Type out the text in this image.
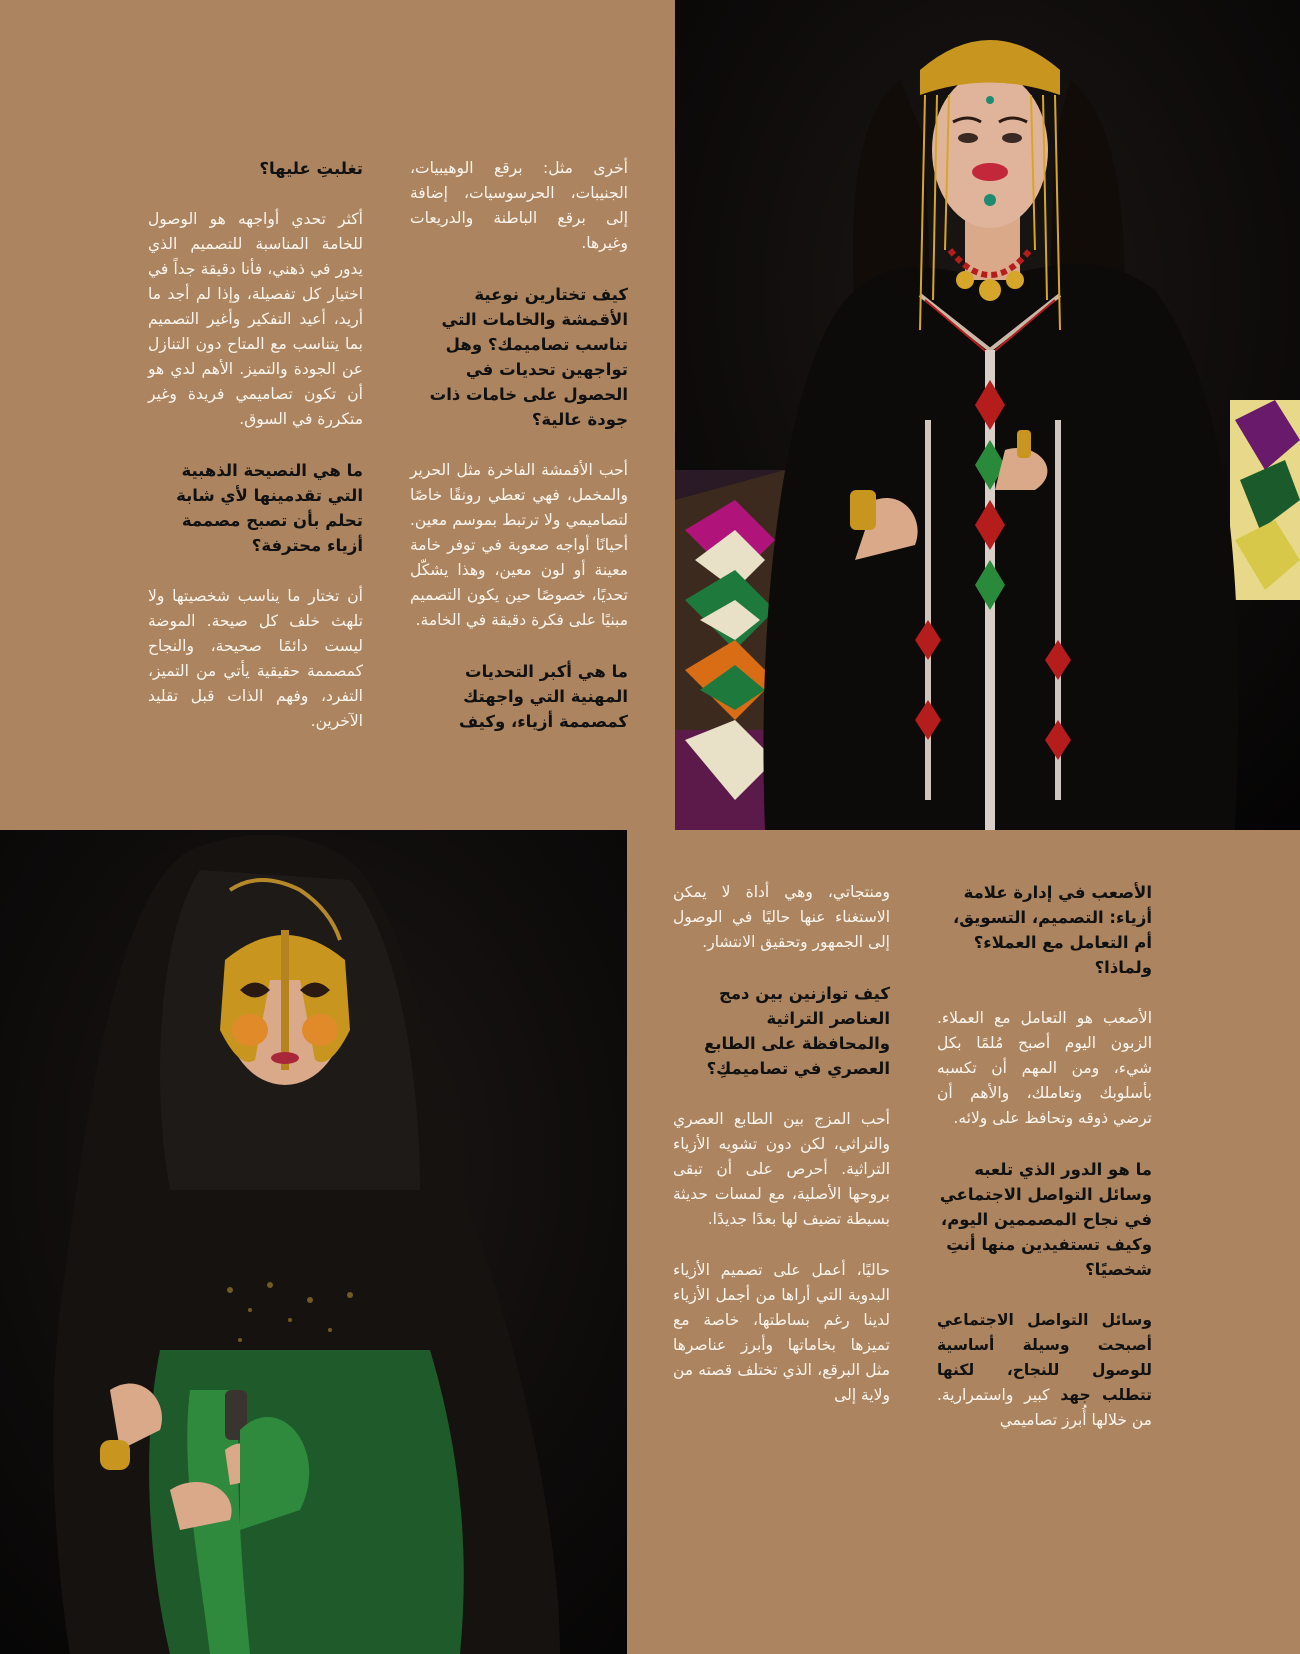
تغلبتِ عليها؟

أكثر تحدي أواجهه هو الوصول للخامة المناسبة للتصميم الذي يدور في ذهني، فأنا دقيقة جداً في اختيار كل تفصيلة، وإذا لم أجد ما أريد، أعيد التفكير وأغير التصميم بما يتناسب مع المتاح دون التنازل عن الجودة والتميز. الأهم لدي هو أن تكون تصاميمي فريدة وغير متكررة في السوق.

ما هي النصيحة الذهبية التي تقدمينها لأي شابة تحلم بأن تصبح مصممة أزياء محترفة؟

أن تختار ما يناسب شخصيتها ولا تلهث خلف كل صيحة. الموضة ليست دائمًا صحيحة، والنجاح كمصممة حقيقية يأتي من التميز، التفرد، وفهم الذات قبل تقليد الآخرين.

أخرى مثل: برقع الوهيبيات، الجنيبات، الحرسوسيات، إضافة إلى برقع الباطنة والدريعات وغيرها.

كيف تختارين نوعية الأقمشة والخامات التي تناسب تصاميمك؟ وهل تواجهين تحديات في الحصول على خامات ذات جودة عالية؟

أحب الأقمشة الفاخرة مثل الحرير والمخمل، فهي تعطي رونقًا خاصًا لتصاميمي ولا ترتبط بموسم معين. أحيانًا أواجه صعوبة في توفر خامة معينة أو لون معين، وهذا يشكّل تحديًا، خصوصًا حين يكون التصميم مبنيًا على فكرة دقيقة في الخامة.

ما هي أكبر التحديات المهنية التي واجهتك كمصممة أزياء، وكيف

ومنتجاتي، وهي أداة لا يمكن الاستغناء عنها حاليًا في الوصول إلى الجمهور وتحقيق الانتشار.

كيف توازنين بين دمج العناصر التراثية والمحافظة على الطابع العصري في تصاميمكِ؟

أحب المزج بين الطابع العصري والتراثي، لكن دون تشويه الأزياء التراثية. أحرص على أن تبقى بروحها الأصلية، مع لمسات حديثة بسيطة تضيف لها بعدًا جديدًا.

حاليًا، أعمل على تصميم الأزياء البدوية التي أراها من أجمل الأزياء لدينا رغم بساطتها، خاصة مع تميزها بخاماتها وأبرز عناصرها مثل البرقع، الذي تختلف قصته من ولاية إلى

الأصعب في إدارة علامة أزياء: التصميم، التسويق، أم التعامل مع العملاء؟ ولماذا؟

الأصعب هو التعامل مع العملاء. الزبون اليوم أصبح مُلمًا بكل شيء، ومن المهم أن تكسبه بأسلوبك وتعاملك، والأهم أن ترضي ذوقه وتحافظ على ولائه.

ما هو الدور الذي تلعبه وسائل التواصل الاجتماعي في نجاح المصممين اليوم، وكيف تستفيدين منها أنتِ شخصيًا؟

وسائل التواصل الاجتماعي أصبحت وسيلة أساسية للوصول للنجاح، لكنها تتطلب جهد كبير واستمرارية. من خلالها أُبرز تصاميمي
